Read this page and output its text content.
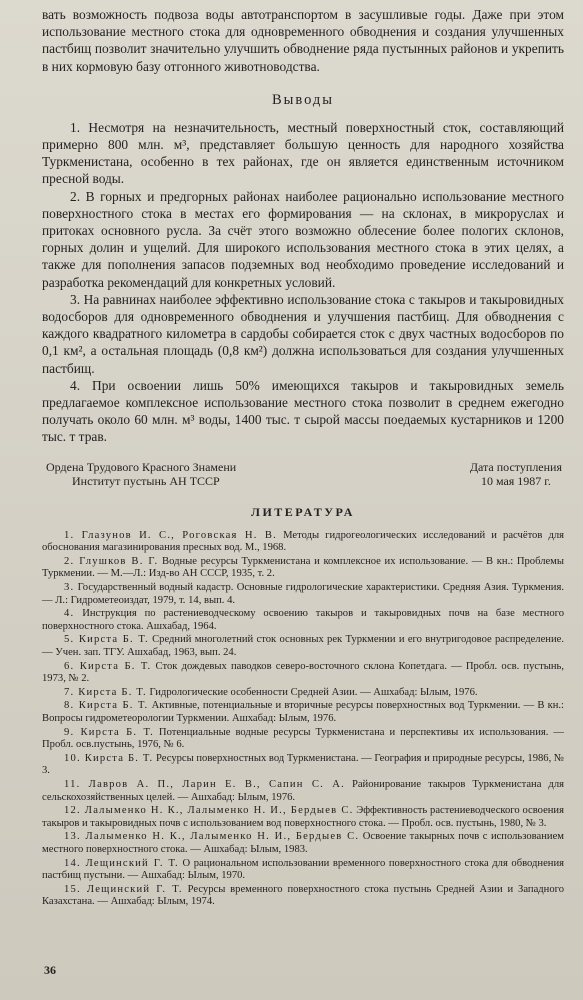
вать возможность подвоза воды автотранспортом в засушливые годы. Даже при этом использование местного стока для одновременного обводнения и создания улучшенных пастбищ позволит значительно улучшить обводнение ряда пустынных районов и укрепить в них кормовую базу отгонного животноводства.

Выводы

1. Несмотря на незначительность, местный поверхностный сток, составляющий примерно 800 млн. м³, представляет большую ценность для народного хозяйства Туркменистана, особенно в тех районах, где он является единственным источником пресной воды.

2. В горных и предгорных районах наиболее рационально использование местного поверхностного стока в местах его формирования — на склонах, в микроруслах и притоках основного русла. За счёт этого возможно облесение более пологих склонов, горных долин и ущелий. Для широкого использования местного стока в этих целях, а также для пополнения запасов подземных вод необходимо проведение исследований и разработка рекомендаций для конкретных условий.

3. На равнинах наиболее эффективно использование стока с такыров и такыровидных водосборов для одновременного обводнения и улучшения пастбищ. Для обводнения с каждого квадратного километра в сардобы собирается сток с двух частных водосборов по 0,1 км², а остальная площадь (0,8 км²) должна использоваться для создания улучшенных пастбищ.

4. При освоении лишь 50% имеющихся такыров и такыровидных земель предлагаемое комплексное использование местного стока позволит в среднем ежегодно получать около 60 млн. м³ воды, 1400 тыс. т сырой массы поедаемых кустарников и 1200 тыс. т трав.

Ордена Трудового Красного Знамени
Институт пустынь АН ТССР
Дата поступления
10 мая 1987 г.
ЛИТЕРАТУРА

1. Глазунов И. С., Роговская Н. В. Методы гидрогеологических исследований и расчётов для обоснования магазинирования пресных вод. М., 1968.

2. Глушков В. Г. Водные ресурсы Туркменистана и комплексное их использование. — В кн.: Проблемы Туркмении. — М.—Л.: Изд-во АН СССР, 1935, т. 2.

3. Государственный водный кадастр. Основные гидрологические характеристики. Средняя Азия. Туркмения. — Л.: Гидрометеоиздат, 1979, т. 14, вып. 4.

4. Инструкция по растениеводческому освоению такыров и такыровидных почв на базе местного поверхностного стока. Ашхабад, 1964.

5. Кирста Б. Т. Средний многолетний сток основных рек Туркмении и его внутригодовое распределение. — Учен. зап. ТГУ. Ашхабад, 1963, вып. 24.

6. Кирста Б. Т. Сток дождевых паводков северо-восточного склона Копетдага. — Пробл. осв. пустынь, 1973, № 2.

7. Кирста Б. Т. Гидрологические особенности Средней Азии. — Ашхабад: Ылым, 1976.

8. Кирста Б. Т. Активные, потенциальные и вторичные ресурсы поверхностных вод Туркмении. — В кн.: Вопросы гидрометеорологии Туркмении. Ашхабад: Ылым, 1976.

9. Кирста Б. Т. Потенциальные водные ресурсы Туркменистана и перспективы их использования. — Пробл. осв.пустынь, 1976, № 6.

10. Кирста Б. Т. Ресурсы поверхностных вод Туркменистана. — География и природные ресурсы, 1986, № 3.

11. Лавров А. П., Ларин Е. В., Сапин С. А. Районирование такыров Туркменистана для сельскохозяйственных целей. — Ашхабад: Ылым, 1976.

12. Лалыменко Н. К., Лалыменко Н. И., Бердыев С. Эффективность растениеводческого освоения такыров и такыровидных почв с использованием вод поверхностного стока. — Пробл. осв. пустынь, 1980, № 3.

13. Лалыменко Н. К., Лалыменко Н. И., Бердыев С. Освоение такырных почв с использованием местного поверхностного стока. — Ашхабад: Ылым, 1983.

14. Лещинский Г. Т. О рациональном использовании временного поверхностного стока для обводнения пастбищ пустыни. — Ашхабад: Ылым, 1970.

15. Лещинский Г. Т. Ресурсы временного поверхностного стока пустынь Средней Азии и Западного Казахстана. — Ашхабад: Ылым, 1974.

36
